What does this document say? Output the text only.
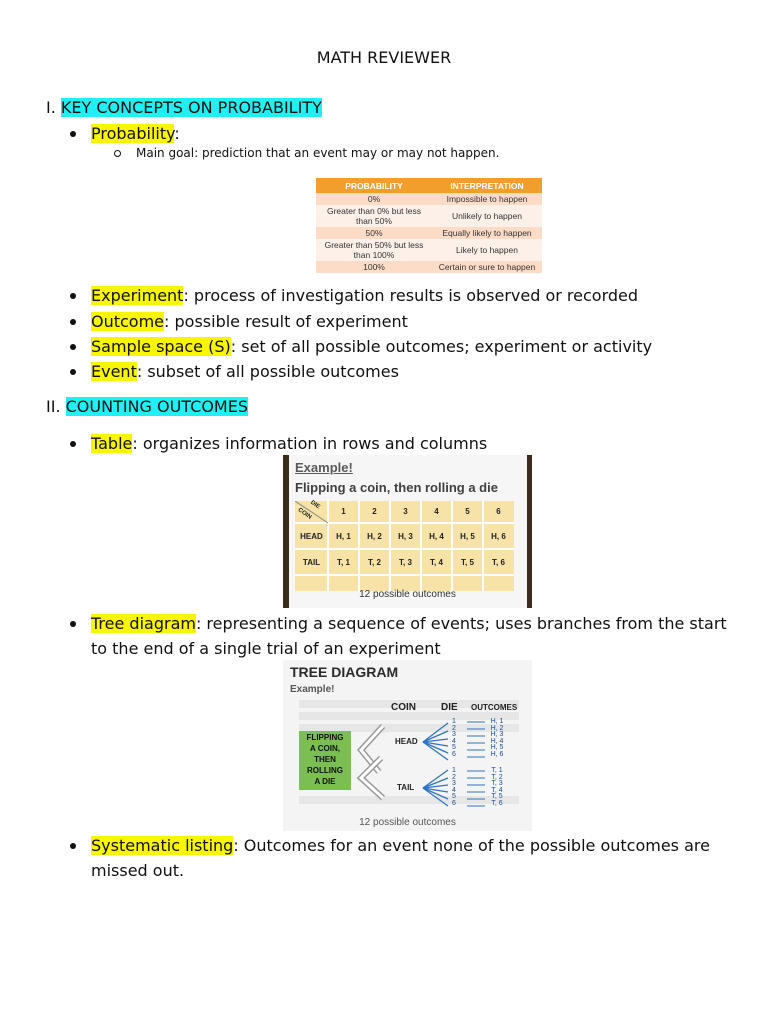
MATH REVIEWER
I. KEY CONCEPTS ON PROBABILITY
Probability:
Main goal: prediction that an event may or may not happen.
PROBABILITY	INTERPRETATION
0%	Impossible to happen
Greater than 0% but less than 50%	Unlikely to happen
50%	Equally likely to happen
Greater than 50% but less than 100%	Likely to happen
100%	Certain or sure to happen
Experiment: process of investigation results is observed or recorded
Outcome: possible result of experiment
Sample space (S): set of all possible outcomes; experiment or activity
Event: subset of all possible outcomes
II. COUNTING OUTCOMES
Table: organizes information in rows and columns
Example!
Flipping a coin, then rolling a die
DIE
COIN	1	2	3	4	5	6
HEAD	H, 1	H, 2	H, 3	H, 4	H, 5	H, 6
TAIL	T, 1	T, 2	T, 3	T, 4	T, 5	T, 6
12 possible outcomes
Tree diagram: representing a sequence of events; uses branches from the start
to the end of a single trial of an experiment
TREE DIAGRAM
Example!
COIN	DIE OUTCOMES
FLIPPING
A COIN,
THEN
ROLLING
A DIE
HEAD
TAIL
1
2
3
4
5
6
1
2
3
4
5
6
H, 1
H, 2
H, 3
H, 4
H, 5
H, 6
T, 1
T, 2
T, 3
T, 4
T, 5
T, 6
12 possible outcomes
Systematic listing: Outcomes for an event none of the possible outcomes are
missed out.
